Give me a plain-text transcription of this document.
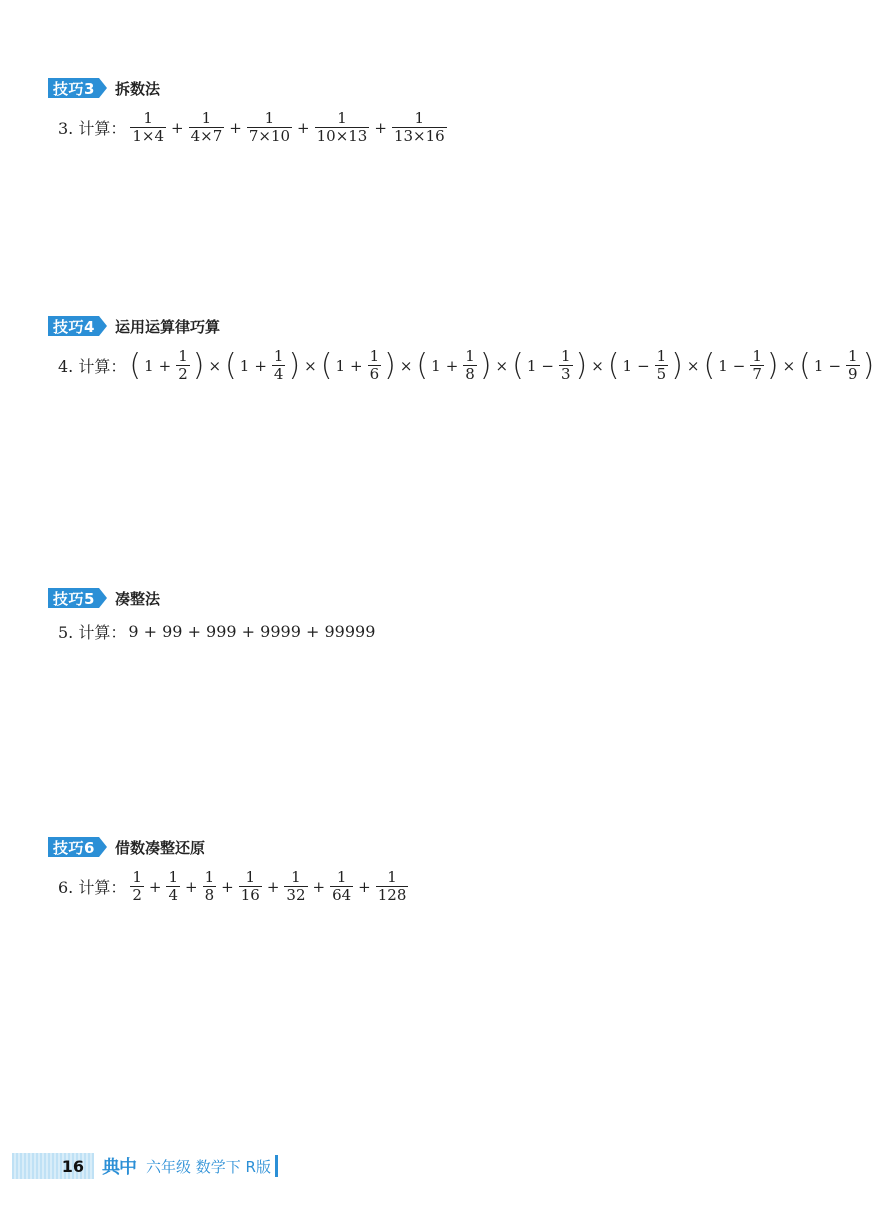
技巧3 拆数法
3. 计算： $\frac{1}{1\times 4} + \frac{1}{4\times 7} + \frac{1}{7\times 10} + \frac{1}{10\times 13} + \frac{1}{13\times 16}$
技巧4 运用运算律巧算
4. 计算： ( $1 + \frac{1}{2}$ ) × ( $1 + \frac{1}{4}$ ) × ( $1 + \frac{1}{6}$ ) × ( $1 + \frac{1}{8}$ ) × ( $1 - \frac{1}{3}$ ) × ( $1 - \frac{1}{5}$ ) × ( $1 - \frac{1}{7}$ ) × ( $1 - \frac{1}{9}$ )
技巧5 凑整法
5. 计算： 9 + 99 + 999 + 9999 + 99999
技巧6 借数凑整还原
6. 计算： $\frac{1}{2} + \frac{1}{4} + \frac{1}{8} + \frac{1}{16} + \frac{1}{32} + \frac{1}{64} + \frac{1}{128}$
16	典中 六年级 数学下 R版
